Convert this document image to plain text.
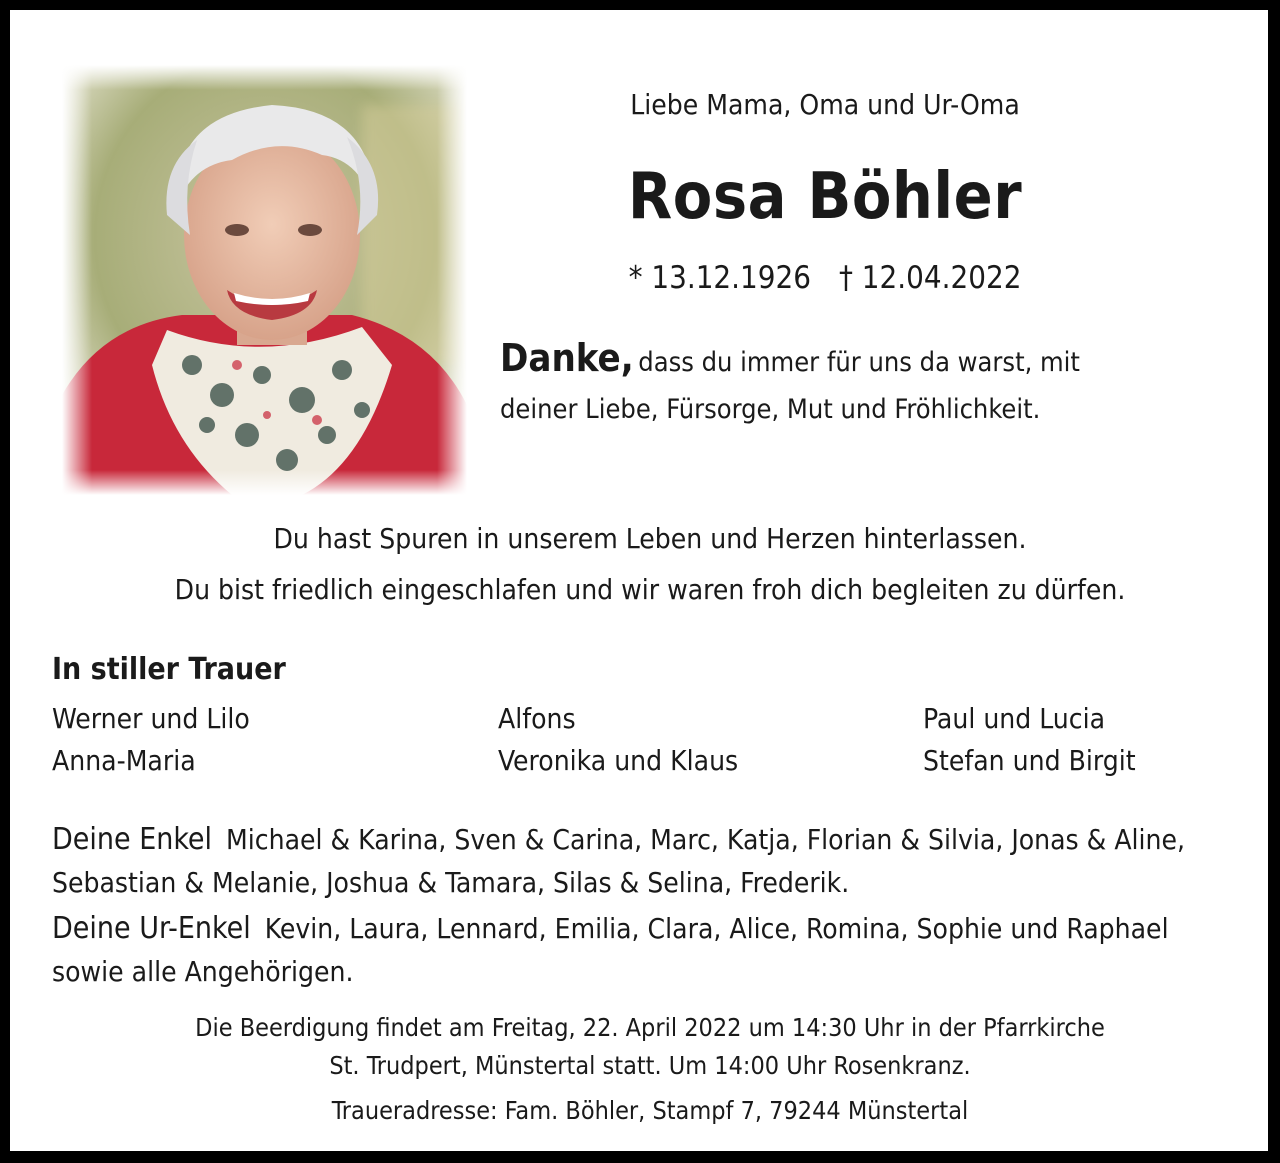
Liebe Mama, Oma und Ur-Oma
Rosa Böhler
* 13.12.1926 † 12.04.2022
Danke, dass du immer für uns da warst, mit
deiner Liebe, Fürsorge, Mut und Fröhlichkeit.
Du hast Spuren in unserem Leben und Herzen hinterlassen.
Du bist friedlich eingeschlafen und wir waren froh dich begleiten zu dürfen.
In stiller Trauer
Werner und Lilo
Anna-Maria
Alfons
Veronika und Klaus
Paul und Lucia
Stefan und Birgit
Deine Enkel Michael & Karina, Sven & Carina, Marc, Katja, Florian & Silvia, Jonas & Aline, Sebastian & Melanie, Joshua & Tamara, Silas & Selina, Frederik.
Deine Ur-Enkel Kevin, Laura, Lennard, Emilia, Clara, Alice, Romina, Sophie und Raphael sowie alle Angehörigen.
Die Beerdigung findet am Freitag, 22. April 2022 um 14:30 Uhr in der Pfarrkirche
St. Trudpert, Münstertal statt. Um 14:00 Uhr Rosenkranz.
Traueradresse: Fam. Böhler, Stampf 7, 79244 Münstertal
